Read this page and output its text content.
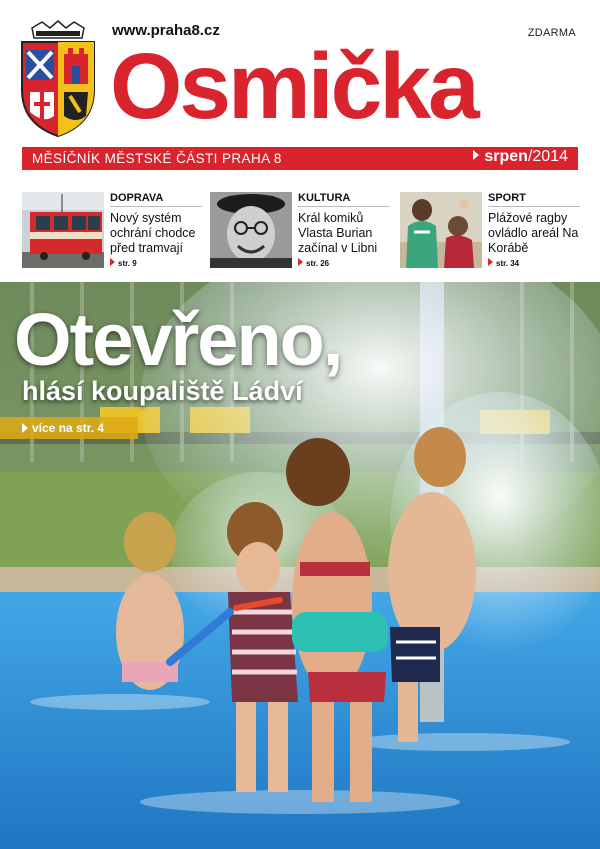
www.praha8.cz	ZDARMA
Osmička
MĚSÍČNÍK MĚSTSKÉ ČÁSTI PRAHA 8	srpen/2014
DOPRAVA
Nový systém ochrání chodce před tramvají
str. 9
KULTURA
Král komiků Vlasta Burian začínal v Libni
str. 26
SPORT
Plážové ragby ovládlo areál Na Korábě
str. 34
Otevřeno,
hlásí koupaliště Ládví
více na str. 4
